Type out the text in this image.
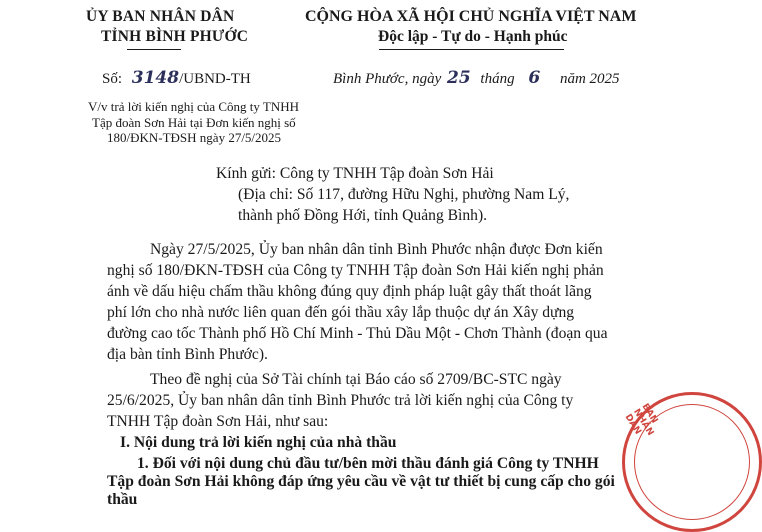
ỦY BAN NHÂN DÂN
TỈNH BÌNH PHƯỚC
CỘNG HÒA XÃ HỘI CHỦ NGHĨA VIỆT NAM
Độc lập - Tự do - Hạnh phúc
Số: 3148/UBND-TH	Bình Phước, ngày 25 tháng 6 năm 2025
V/v trả lời kiến nghị của Công ty TNHH
Tập đoàn Sơn Hải tại Đơn kiến nghị số
180/ĐKN-TĐSH ngày 27/5/2025
Kính gửi: Công ty TNHH Tập đoàn Sơn Hải
(Địa chỉ: Số 117, đường Hữu Nghị, phường Nam Lý,
thành phố Đồng Hới, tỉnh Quảng Bình).
Ngày 27/5/2025, Ủy ban nhân dân tỉnh Bình Phước nhận được Đơn kiến
nghị số 180/ĐKN-TĐSH của Công ty TNHH Tập đoàn Sơn Hải kiến nghị phản
ánh về dấu hiệu chấm thầu không đúng quy định pháp luật gây thất thoát lãng
phí lớn cho nhà nước liên quan đến gói thầu xây lắp thuộc dự án Xây dựng
đường cao tốc Thành phố Hồ Chí Minh - Thủ Dầu Một - Chơn Thành (đoạn qua
địa bàn tỉnh Bình Phước).
Theo đề nghị của Sở Tài chính tại Báo cáo số 2709/BC-STC ngày
25/6/2025, Ủy ban nhân dân tỉnh Bình Phước trả lời kiến nghị của Công ty
TNHH Tập đoàn Sơn Hải, như sau:
I. Nội dung trả lời kiến nghị của nhà thầu
1. Đối với nội dung chủ đầu tư/bên mời thầu đánh giá Công ty TNHH
Tập đoàn Sơn Hải không đáp ứng yêu cầu về vật tư thiết bị cung cấp cho gói
thầu
BAN NHÂN DÂN
